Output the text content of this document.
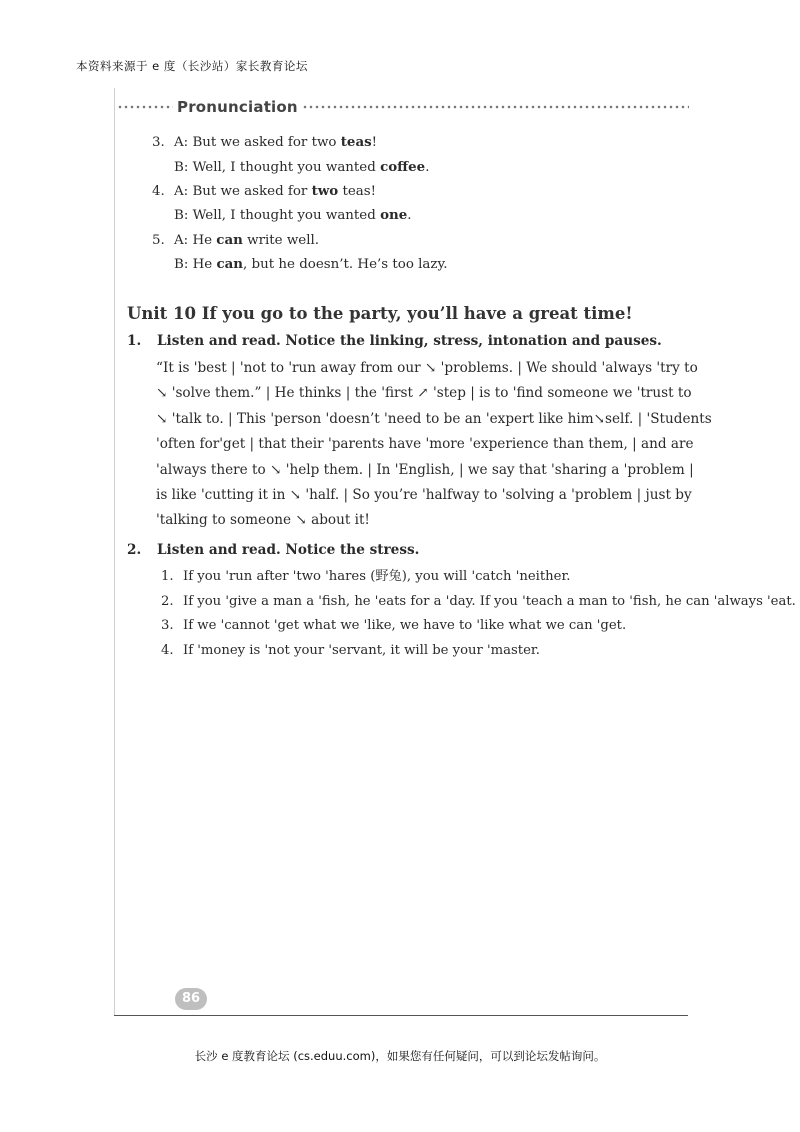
本资料来源于 e 度（长沙站）家长教育论坛
Pronunciation
3. A: But we asked for two teas!
B: Well, I thought you wanted coffee.
4. A: But we asked for two teas!
B: Well, I thought you wanted one.
5. A: He can write well.
B: He can, but he doesn’t. He’s too lazy.
Unit 10 If you go to the party, you’ll have a great time!
1. Listen and read. Notice the linking, stress, intonation and pauses.
“It is 'best | 'not to 'run away from our ↘ 'problems. | We should 'always 'try to
↘ 'solve them.” | He thinks | the 'first ↗ 'step | is to 'find someone we 'trust to
↘ 'talk to. | This 'person 'doesn’t 'need to be an 'expert like him↘self. | 'Students
'often for'get | that their 'parents have 'more 'experience than them, | and are
'always there to ↘ 'help them. | In 'English, | we say that 'sharing a 'problem |
is like 'cutting it in ↘ 'half. | So you’re 'halfway to 'solving a 'problem | just by
'talking to someone ↘ about it!
2. Listen and read. Notice the stress.
1. If you 'run after 'two 'hares (野兔), you will 'catch 'neither.
2. If you 'give a man a 'fish, he 'eats for a 'day. If you 'teach a man to 'fish, he can 'always 'eat.
3. If we 'cannot 'get what we 'like, we have to 'like what we can 'get.
4. If 'money is 'not your 'servant, it will be your 'master.
86
长沙 e 度教育论坛 (cs.eduu.com)，如果您有任何疑问，可以到论坛发帖询问。
